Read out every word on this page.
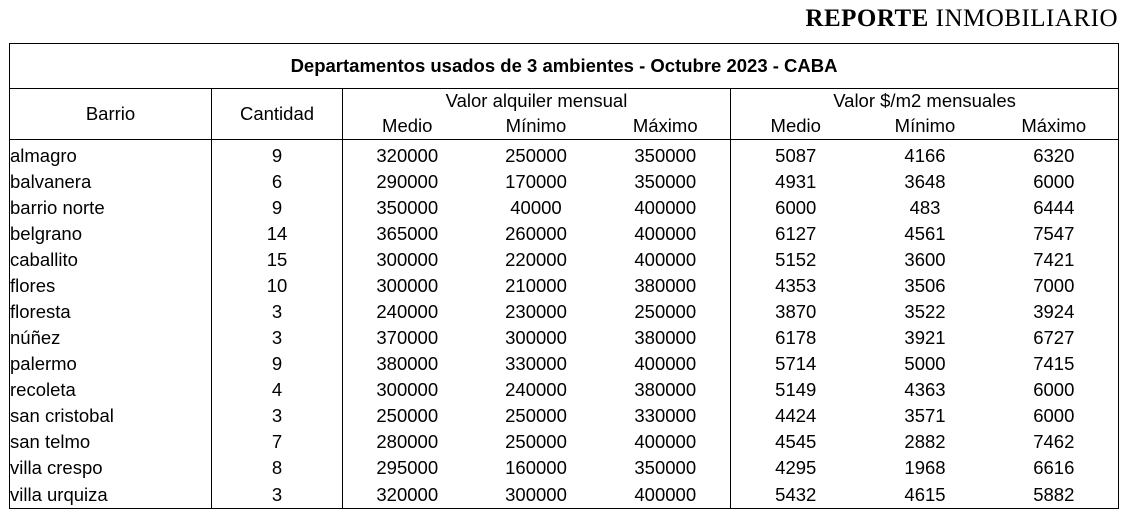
REPORTE INMOBILIARIO
Departamentos usados de 3 ambientes - Octubre 2023 - CABA							
Barrio	Cantidad	Valor alquiler mensual			Valor $/m2 mensuales		
		Medio	Mínimo	Máximo	Medio	Mínimo	Máximo
almagro	9	320000	250000	350000	5087	4166	6320
balvanera	6	290000	170000	350000	4931	3648	6000
barrio norte	9	350000	40000	400000	6000	483	6444
belgrano	14	365000	260000	400000	6127	4561	7547
caballito	15	300000	220000	400000	5152	3600	7421
flores	10	300000	210000	380000	4353	3506	7000
floresta	3	240000	230000	250000	3870	3522	3924
núñez	3	370000	300000	380000	6178	3921	6727
palermo	9	380000	330000	400000	5714	5000	7415
recoleta	4	300000	240000	380000	5149	4363	6000
san cristobal	3	250000	250000	330000	4424	3571	6000
san telmo	7	280000	250000	400000	4545	2882	7462
villa crespo	8	295000	160000	350000	4295	1968	6616
villa urquiza	3	320000	300000	400000	5432	4615	5882
